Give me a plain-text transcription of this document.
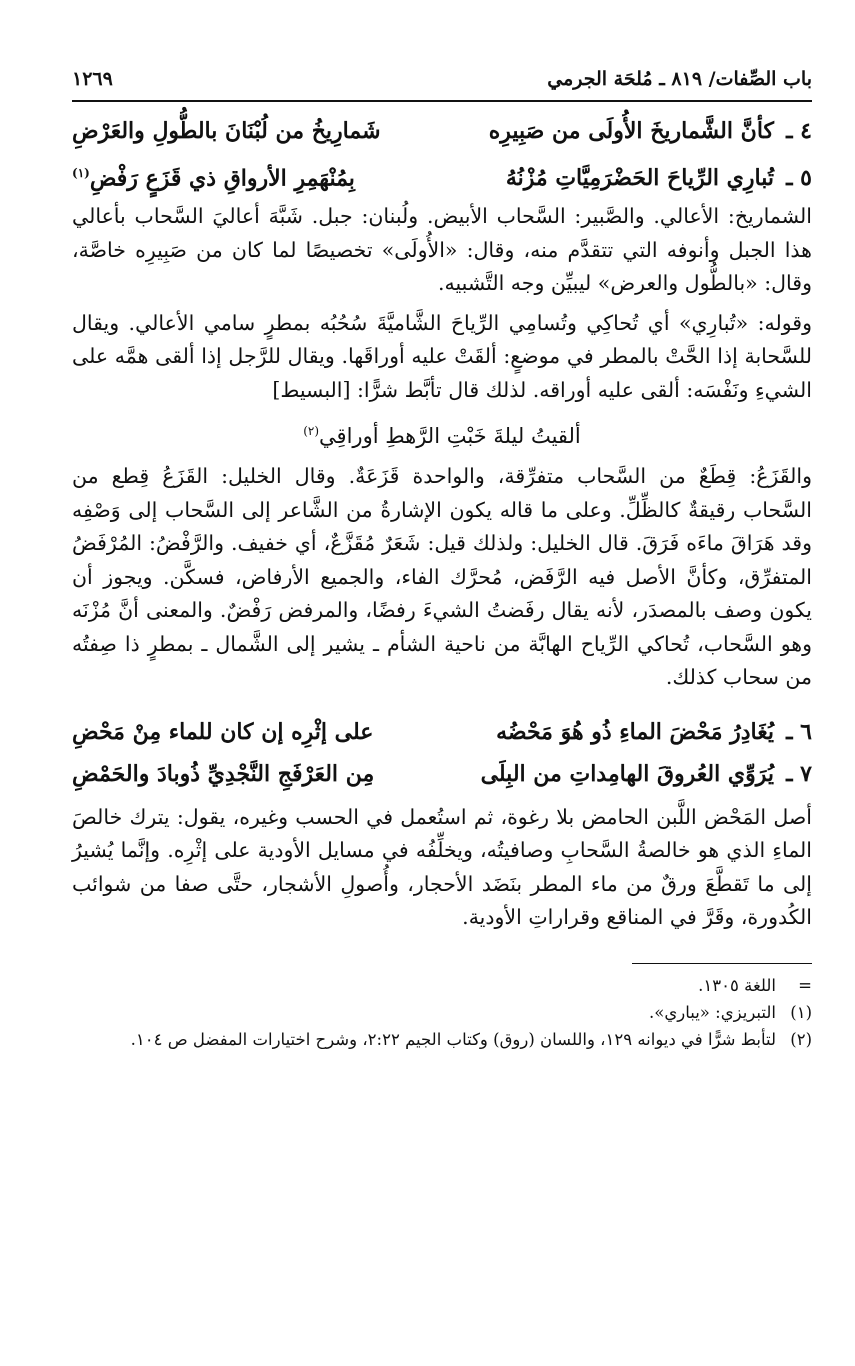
باب الصِّفات/ ٨١٩ ـ مُلحَة الجرمي
١٢٦٩
٤ ـ
كأنَّ الشَّماريخَ الأُولَى من صَبِيرِه
شَمارِيخُ من لُبْنَانَ بالطُّولِ والعَرْضِ
٥ ـ
تُبارِي الرِّياحَ الحَضْرَمِيَّاتِ مُزْنُهُ
بِمُنْهَمِرِ الأرواقِ ذي قَزَعٍ رَفْضِ$^{(١)}$

الشماريخ: الأعالي. والصَّبير: السَّحاب الأبيض. ولُبنان: جبل. شَبَّهَ أعاليَ السَّحاب بأعالي هذا الجبل وأنوفه التي تتقدَّم منه، وقال: «الأُولَى» تخصيصًا لما كان من صَبِيرِه خاصَّة، وقال: «بالطُّول والعرض» ليبيِّن وجه التَّشبيه.

وقوله: «تُبارِي» أي تُحاكِي وتُسامِي الرِّياحَ الشَّاميَّةَ سُحُبُه بمطرٍ سامي الأعالي. ويقال للسَّحابة إذا الحَّتْ بالمطر في موضعٍ: ألقَتْ عليه أوراقَها. ويقال للرَّجل إذا ألقى همَّه على الشيءِ ونَفْسَه: ألقى عليه أوراقه. لذلك قال تأبَّط شرًّا: [البسيط]

ألقيتُ ليلةَ خَبْتِ الرَّهطِ أوراقِي$^{(٢)}$

والقَزَعُ: قِطَعٌ من السَّحاب متفرِّقة، والواحدة قَزَعَةٌ. وقال الخليل: القَزَعُ قِطع من السَّحاب رقيقةٌ كالظِّلِّ. وعلى ما قاله يكون الإشارةُ من الشَّاعر إلى السَّحاب إلى وَصْفِه وقد هَرَاقَ ماءَه فَرَقَ. قال الخليل: ولذلك قيل: شَعَرٌ مُقَزَّعٌ، أي خفيف. والرَّفْضُ: المُرْفَضُ المتفرِّق، وكأنَّ الأصل فيه الرَّفَض، مُحرَّك الفاء، والجميع الأرفاض، فسكَّن. ويجوز أن يكون وصف بالمصدَر، لأنه يقال رفَضتُ الشيءَ رفضًا، والمرفض رَفْضٌ. والمعنى أنَّ مُزْنَه وهو السَّحاب، تُحاكي الرِّياح الهابَّة من ناحية الشأم ـ يشير إلى الشَّمال ـ بمطرٍ ذا صِفتُه من سحاب كذلك.

٦ ـ
يُغَادِرُ مَحْضَ الماءِ ذُو هُوَ مَحْضُه
على إثْرِه إن كان للماء مِنْ مَحْضِ
٧ ـ
يُرَوِّي العُروقَ الهامِداتِ من البِلَى
مِن العَرْفَجِ النَّجْدِيِّ ذُوبادَ والحَمْضِ

أصل المَحْض اللَّبن الحامض بلا رغوة، ثم استُعمل في الحسب وغيره، يقول: يترك خالصَ الماءِ الذي هو خالصةُ السَّحابِ وصافيتُه، ويخلِّفُه في مسايل الأودية على إثْرِه. وإنَّما يُشيرُ إلى ما تَقطَّعَ ورقٌ من ماء المطر بنَضَد الأحجار، وأُصولِ الأشجار، حتَّى صفا من شوائب الكُدورة، وقَرَّ في المناقع وقراراتِ الأودية.

=اللغة ١٣٠٥.
(١)التبريزي: «يباري».
(٢)لتأبط شرًّا في ديوانه ١٢٩، واللسان (روق) وكتاب الجيم ٢:٢٢، وشرح اختيارات المفضل ص ١٠٤.
